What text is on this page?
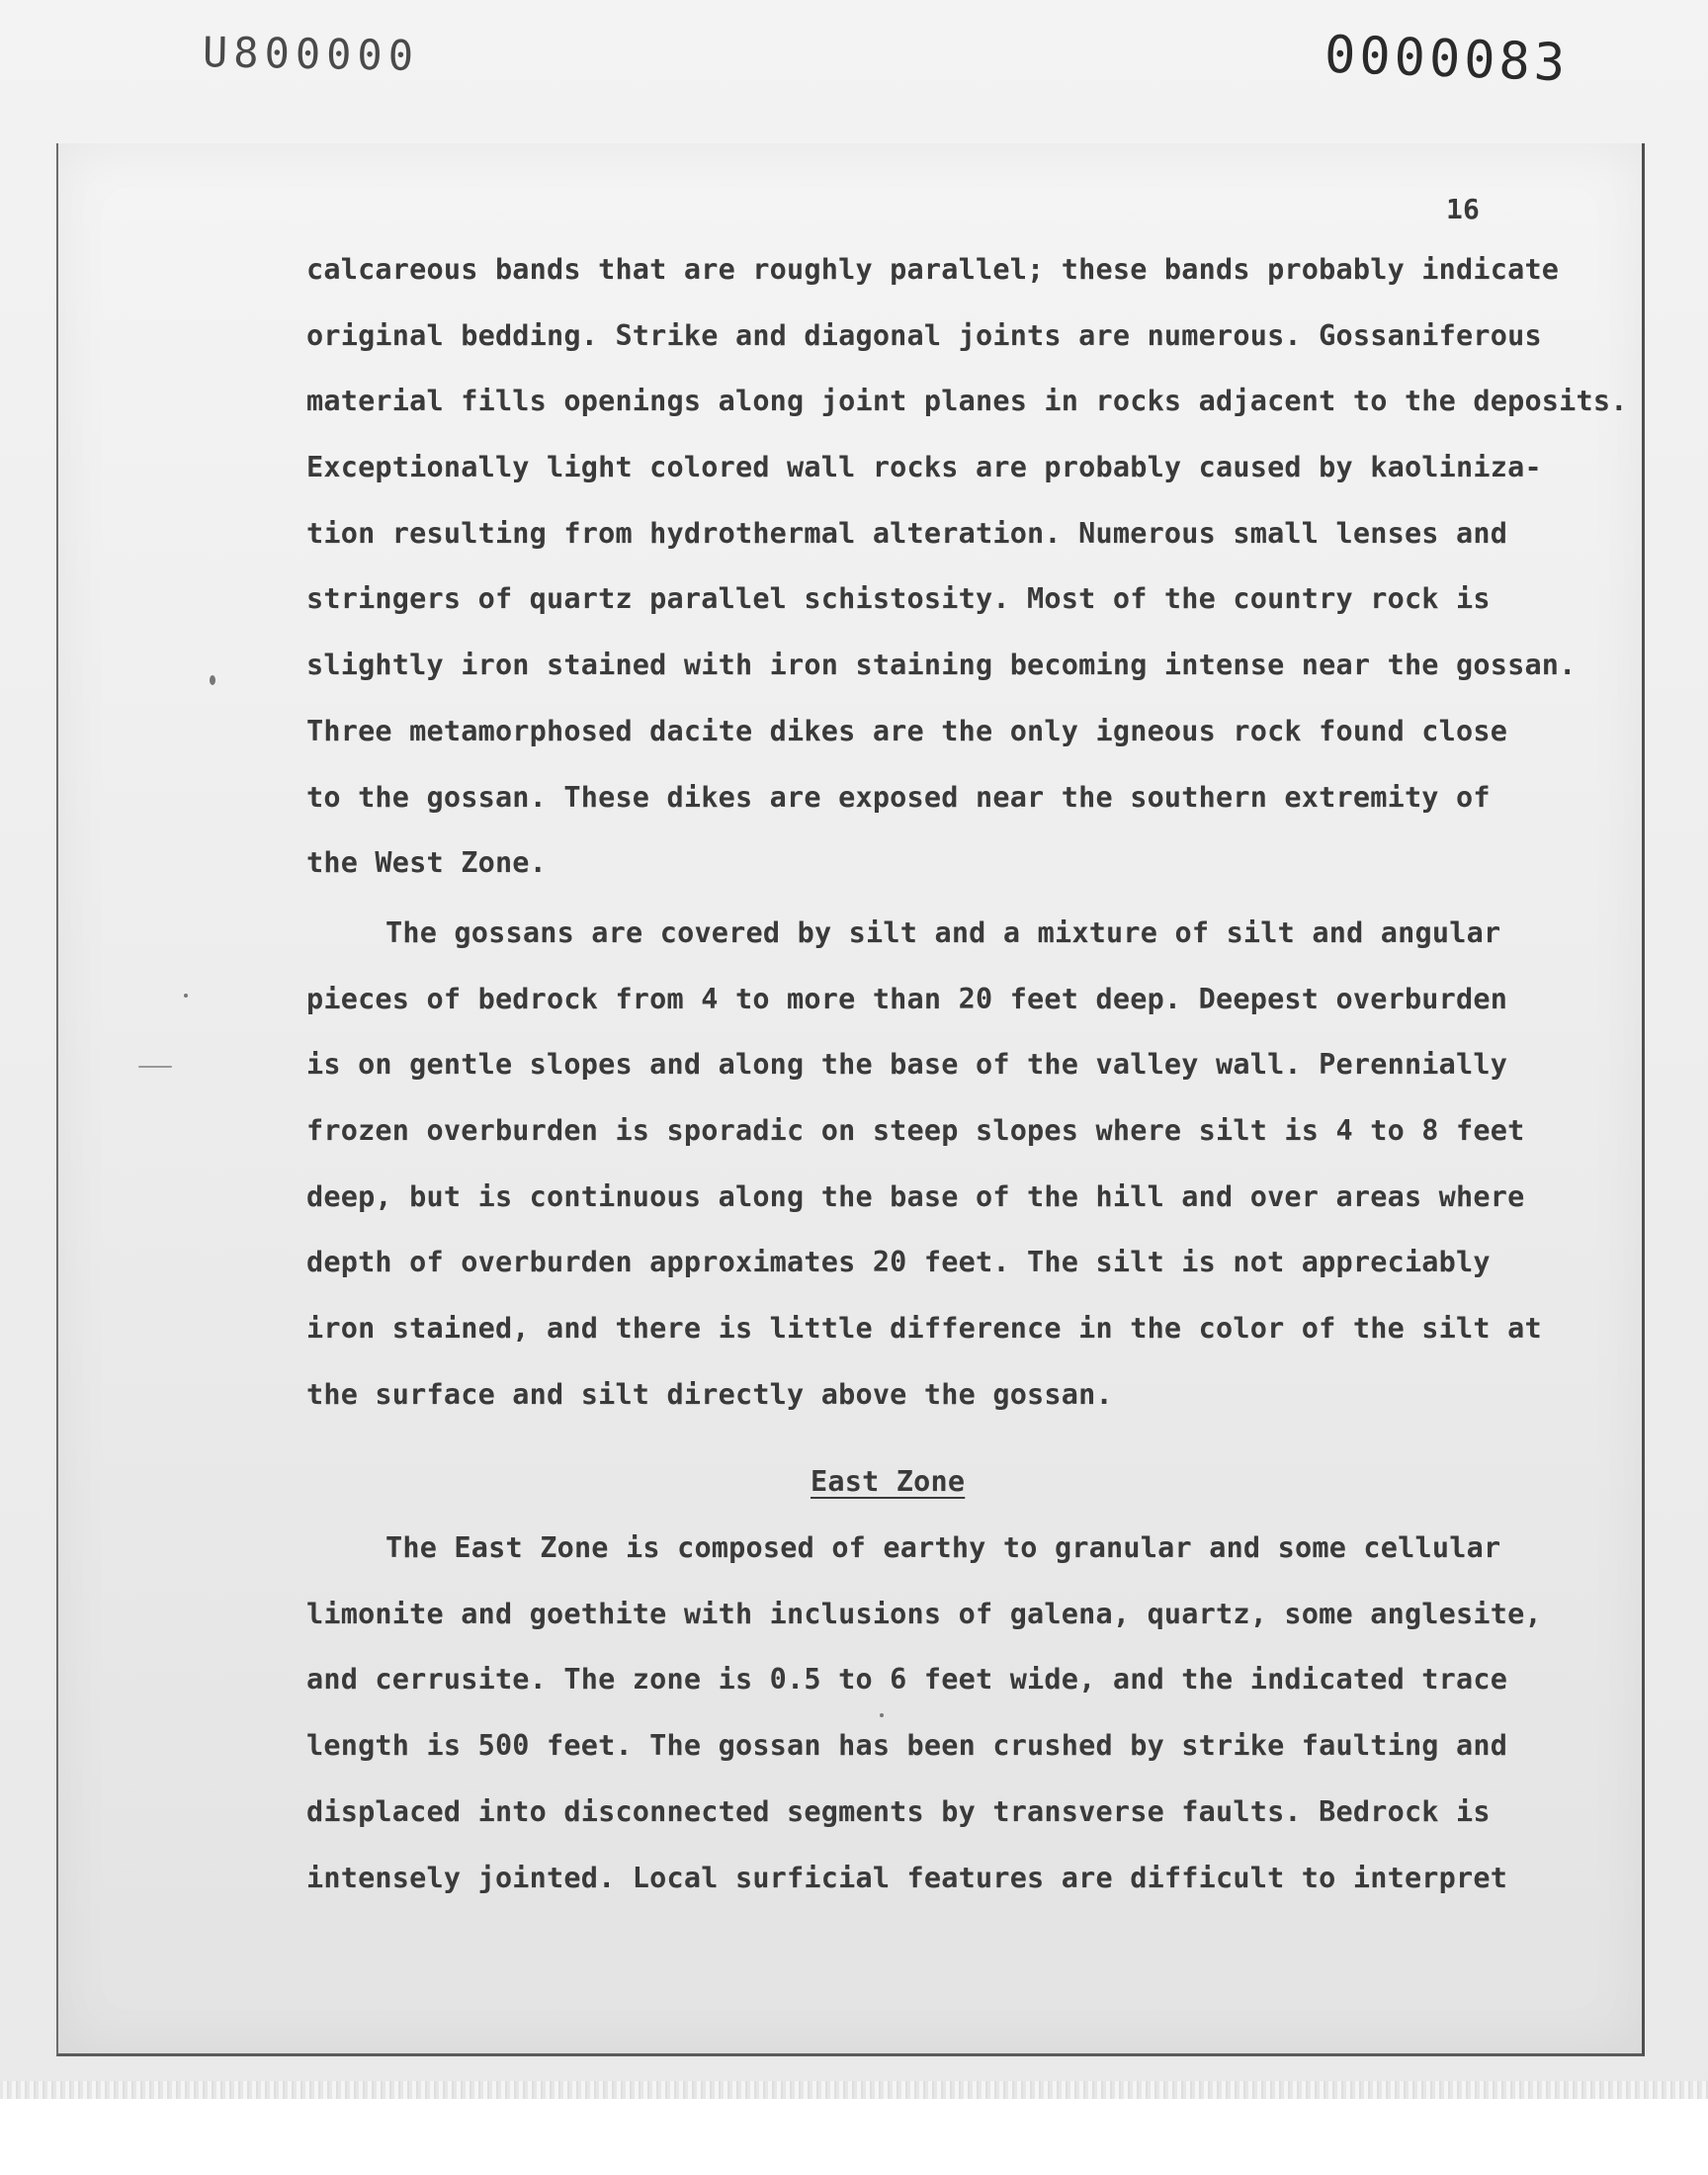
U800000	0000083
16
calcareous bands that are roughly parallel; these bands probably indicate
original bedding. Strike and diagonal joints are numerous. Gossaniferous
material fills openings along joint planes in rocks adjacent to the deposits.
Exceptionally light colored wall rocks are probably caused by kaoliniza-
tion resulting from hydrothermal alteration. Numerous small lenses and
stringers of quartz parallel schistosity. Most of the country rock is
slightly iron stained with iron staining becoming intense near the gossan.
Three metamorphosed dacite dikes are the only igneous rock found close
to the gossan. These dikes are exposed near the southern extremity of
the West Zone.
The gossans are covered by silt and a mixture of silt and angular
pieces of bedrock from 4 to more than 20 feet deep. Deepest overburden
is on gentle slopes and along the base of the valley wall. Perennially
frozen overburden is sporadic on steep slopes where silt is 4 to 8 feet
deep, but is continuous along the base of the hill and over areas where
depth of overburden approximates 20 feet. The silt is not appreciably
iron stained, and there is little difference in the color of the silt at
the surface and silt directly above the gossan.
East Zone
The East Zone is composed of earthy to granular and some cellular
limonite and goethite with inclusions of galena, quartz, some anglesite,
and cerrusite. The zone is 0.5 to 6 feet wide, and the indicated trace
length is 500 feet. The gossan has been crushed by strike faulting and
displaced into disconnected segments by transverse faults. Bedrock is
intensely jointed. Local surficial features are difficult to interpret
